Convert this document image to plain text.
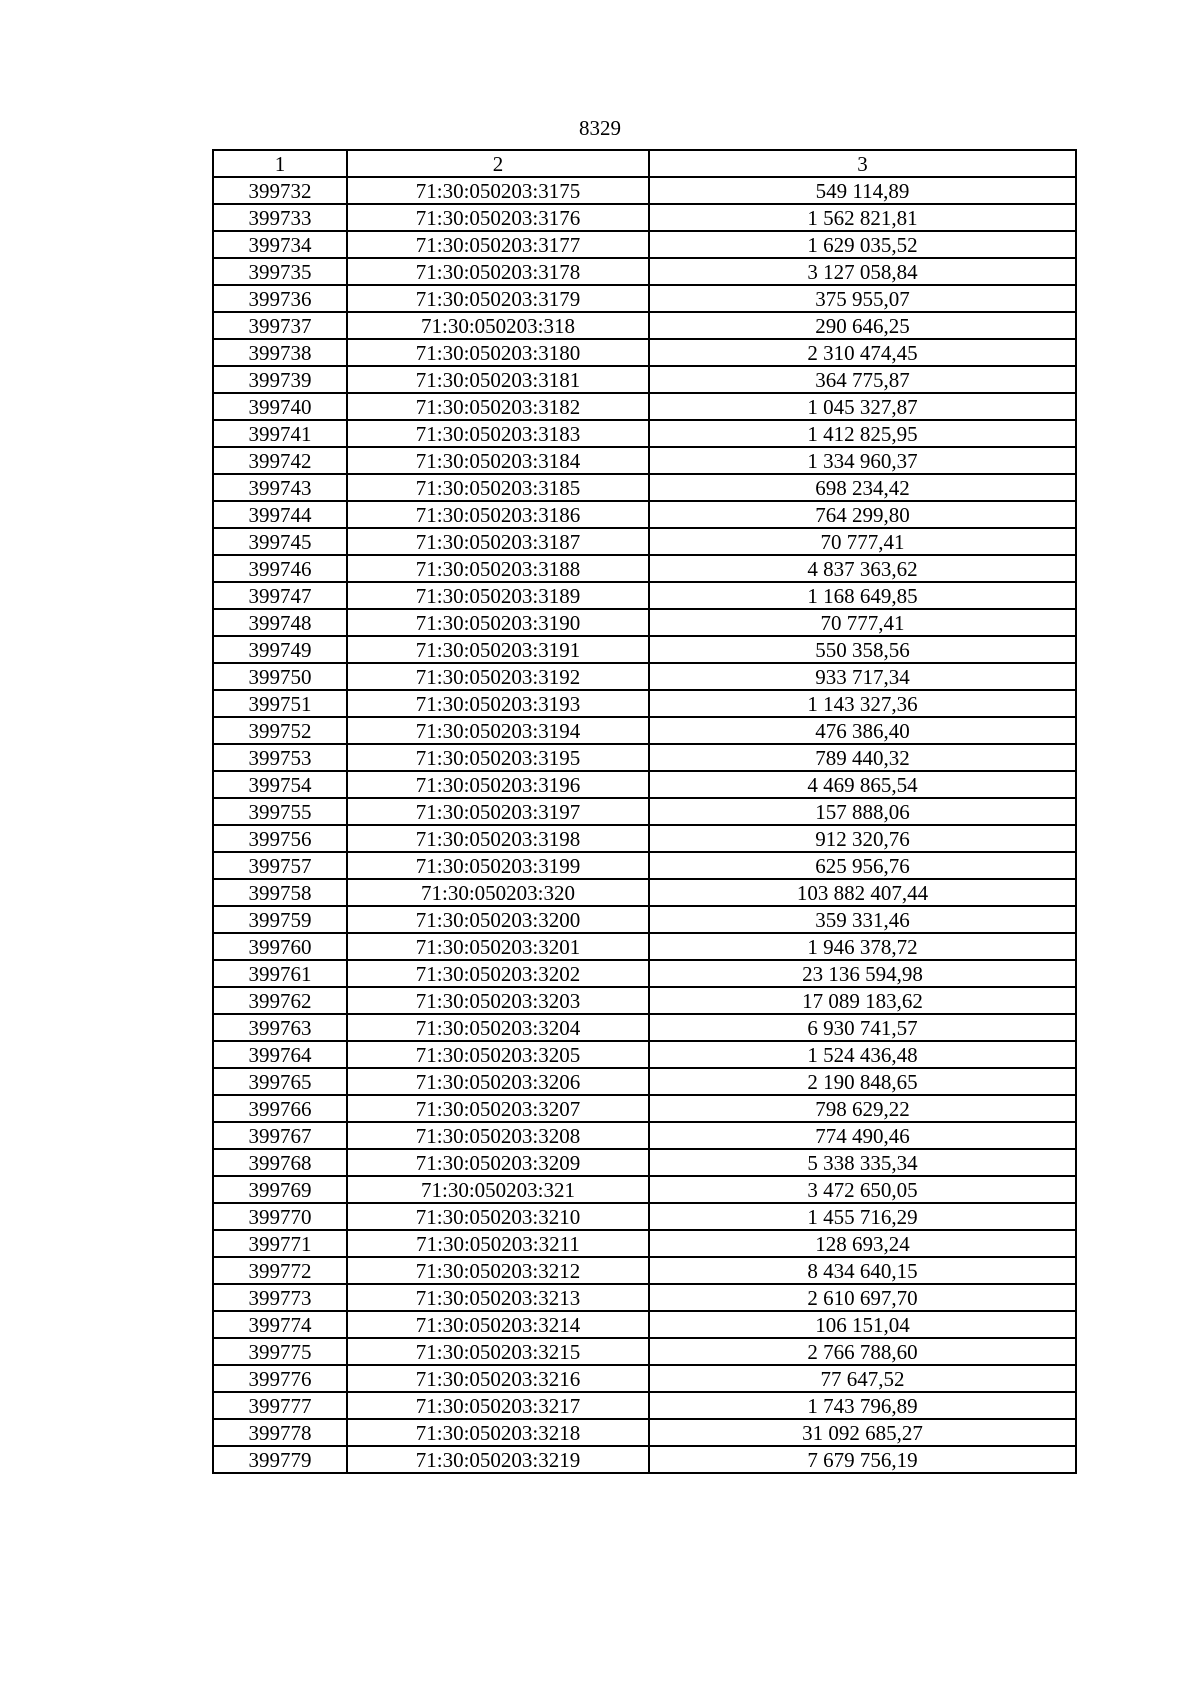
8329
1	2	3
399732	71:30:050203:3175	549 114,89
399733	71:30:050203:3176	1 562 821,81
399734	71:30:050203:3177	1 629 035,52
399735	71:30:050203:3178	3 127 058,84
399736	71:30:050203:3179	375 955,07
399737	71:30:050203:318	290 646,25
399738	71:30:050203:3180	2 310 474,45
399739	71:30:050203:3181	364 775,87
399740	71:30:050203:3182	1 045 327,87
399741	71:30:050203:3183	1 412 825,95
399742	71:30:050203:3184	1 334 960,37
399743	71:30:050203:3185	698 234,42
399744	71:30:050203:3186	764 299,80
399745	71:30:050203:3187	70 777,41
399746	71:30:050203:3188	4 837 363,62
399747	71:30:050203:3189	1 168 649,85
399748	71:30:050203:3190	70 777,41
399749	71:30:050203:3191	550 358,56
399750	71:30:050203:3192	933 717,34
399751	71:30:050203:3193	1 143 327,36
399752	71:30:050203:3194	476 386,40
399753	71:30:050203:3195	789 440,32
399754	71:30:050203:3196	4 469 865,54
399755	71:30:050203:3197	157 888,06
399756	71:30:050203:3198	912 320,76
399757	71:30:050203:3199	625 956,76
399758	71:30:050203:320	103 882 407,44
399759	71:30:050203:3200	359 331,46
399760	71:30:050203:3201	1 946 378,72
399761	71:30:050203:3202	23 136 594,98
399762	71:30:050203:3203	17 089 183,62
399763	71:30:050203:3204	6 930 741,57
399764	71:30:050203:3205	1 524 436,48
399765	71:30:050203:3206	2 190 848,65
399766	71:30:050203:3207	798 629,22
399767	71:30:050203:3208	774 490,46
399768	71:30:050203:3209	5 338 335,34
399769	71:30:050203:321	3 472 650,05
399770	71:30:050203:3210	1 455 716,29
399771	71:30:050203:3211	128 693,24
399772	71:30:050203:3212	8 434 640,15
399773	71:30:050203:3213	2 610 697,70
399774	71:30:050203:3214	106 151,04
399775	71:30:050203:3215	2 766 788,60
399776	71:30:050203:3216	77 647,52
399777	71:30:050203:3217	1 743 796,89
399778	71:30:050203:3218	31 092 685,27
399779	71:30:050203:3219	7 679 756,19
